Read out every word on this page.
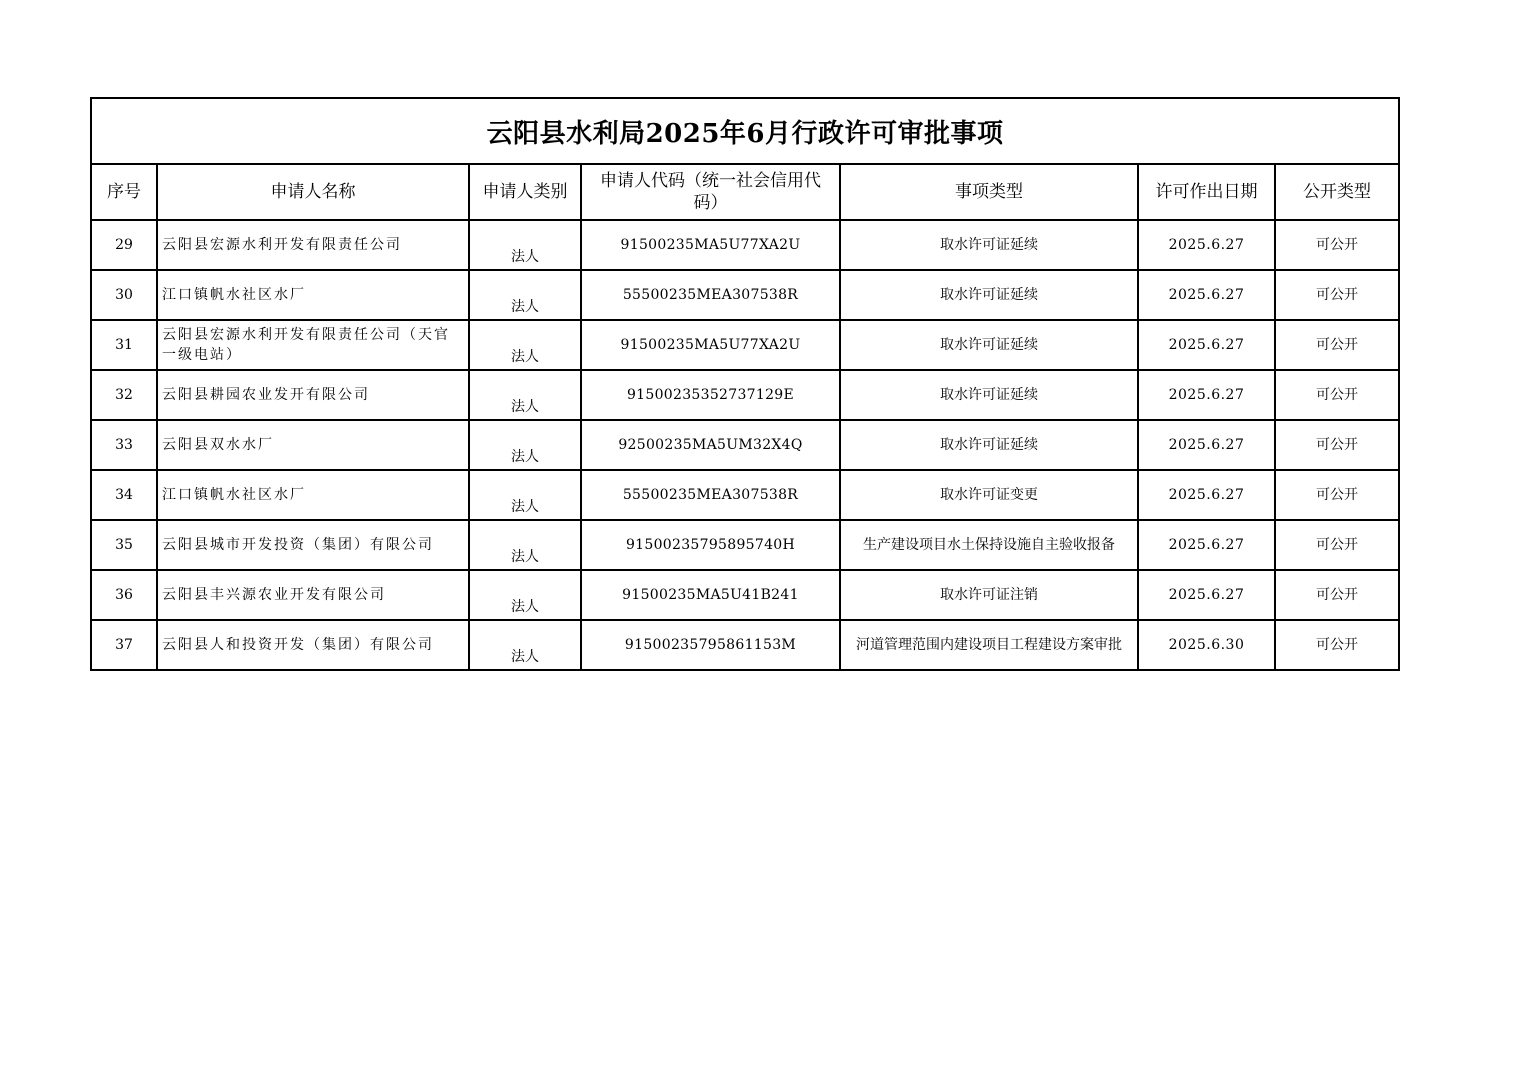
云阳县水利局2025年6月行政许可审批事项						
序号	申请人名称	申请人类别	申请人代码（统一社会信用代码）	事项类型	许可作出日期	公开类型
29	云阳县宏源水利开发有限责任公司	法人	91500235MA5U77XA2U	取水许可证延续	2025.6.27	可公开
30	江口镇帆水社区水厂	法人	55500235MEA307538R	取水许可证延续	2025.6.27	可公开
31	云阳县宏源水利开发有限责任公司（天官一级电站）	法人	91500235MA5U77XA2U	取水许可证延续	2025.6.27	可公开
32	云阳县耕园农业发开有限公司	法人	91500235352737129E	取水许可证延续	2025.6.27	可公开
33	云阳县双水水厂	法人	92500235MA5UM32X4Q	取水许可证延续	2025.6.27	可公开
34	江口镇帆水社区水厂	法人	55500235MEA307538R	取水许可证变更	2025.6.27	可公开
35	云阳县城市开发投资（集团）有限公司	法人	91500235795895740H	生产建设项目水土保持设施自主验收报备	2025.6.27	可公开
36	云阳县丰兴源农业开发有限公司	法人	91500235MA5U41B241	取水许可证注销	2025.6.27	可公开
37	云阳县人和投资开发（集团）有限公司	法人	91500235795861153M	河道管理范围内建设项目工程建设方案审批	2025.6.30	可公开
